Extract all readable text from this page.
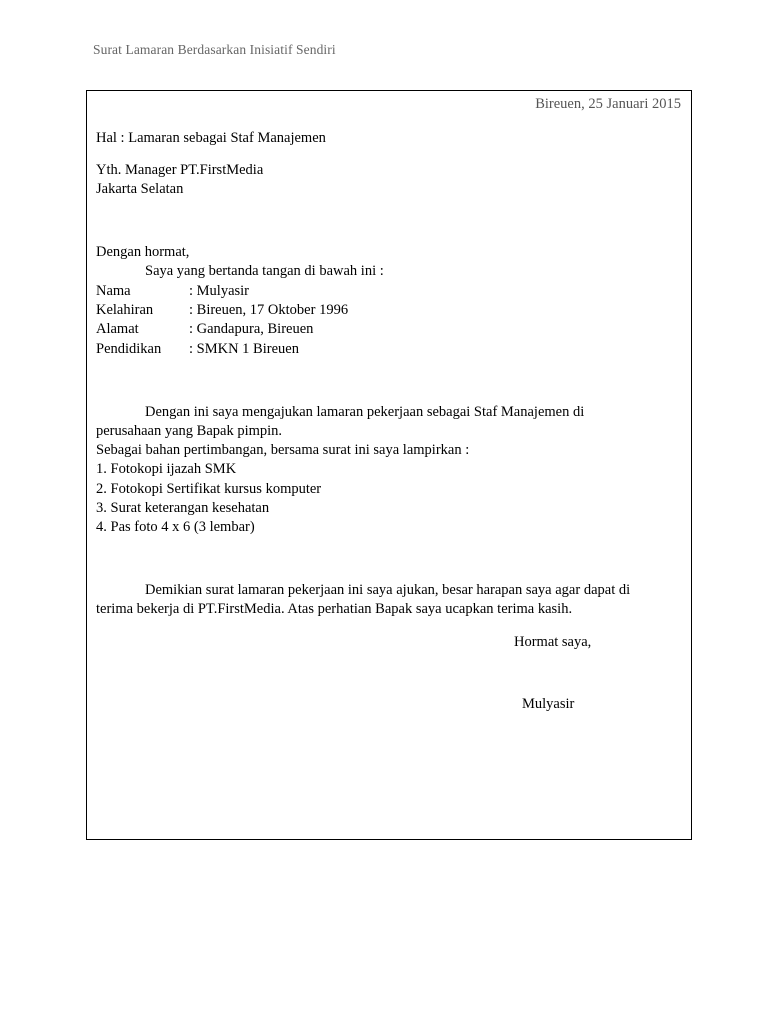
Surat Lamaran Berdasarkan Inisiatif Sendiri
Bireuen, 25 Januari 2015
Hal : Lamaran sebagai Staf Manajemen
Yth. Manager PT.FirstMedia
Jakarta Selatan
Dengan hormat,
Saya yang bertanda tangan di bawah ini :
Nama	: Mulyasir
Kelahiran : Bireuen, 17 Oktober 1996
Alamat	: Gandapura, Bireuen
Pendidikan : SMKN 1 Bireuen
Dengan ini saya mengajukan lamaran pekerjaan sebagai Staf Manajemen di
perusahaan yang Bapak pimpin.
Sebagai bahan pertimbangan, bersama surat ini saya lampirkan :
1. Fotokopi ijazah SMK
2. Fotokopi Sertifikat kursus komputer
3. Surat keterangan kesehatan
4. Pas foto 4 x 6 (3 lembar)
Demikian surat lamaran pekerjaan ini saya ajukan, besar harapan saya agar dapat di
terima bekerja di PT.FirstMedia. Atas perhatian Bapak saya ucapkan terima kasih.
Hormat saya,
Mulyasir
